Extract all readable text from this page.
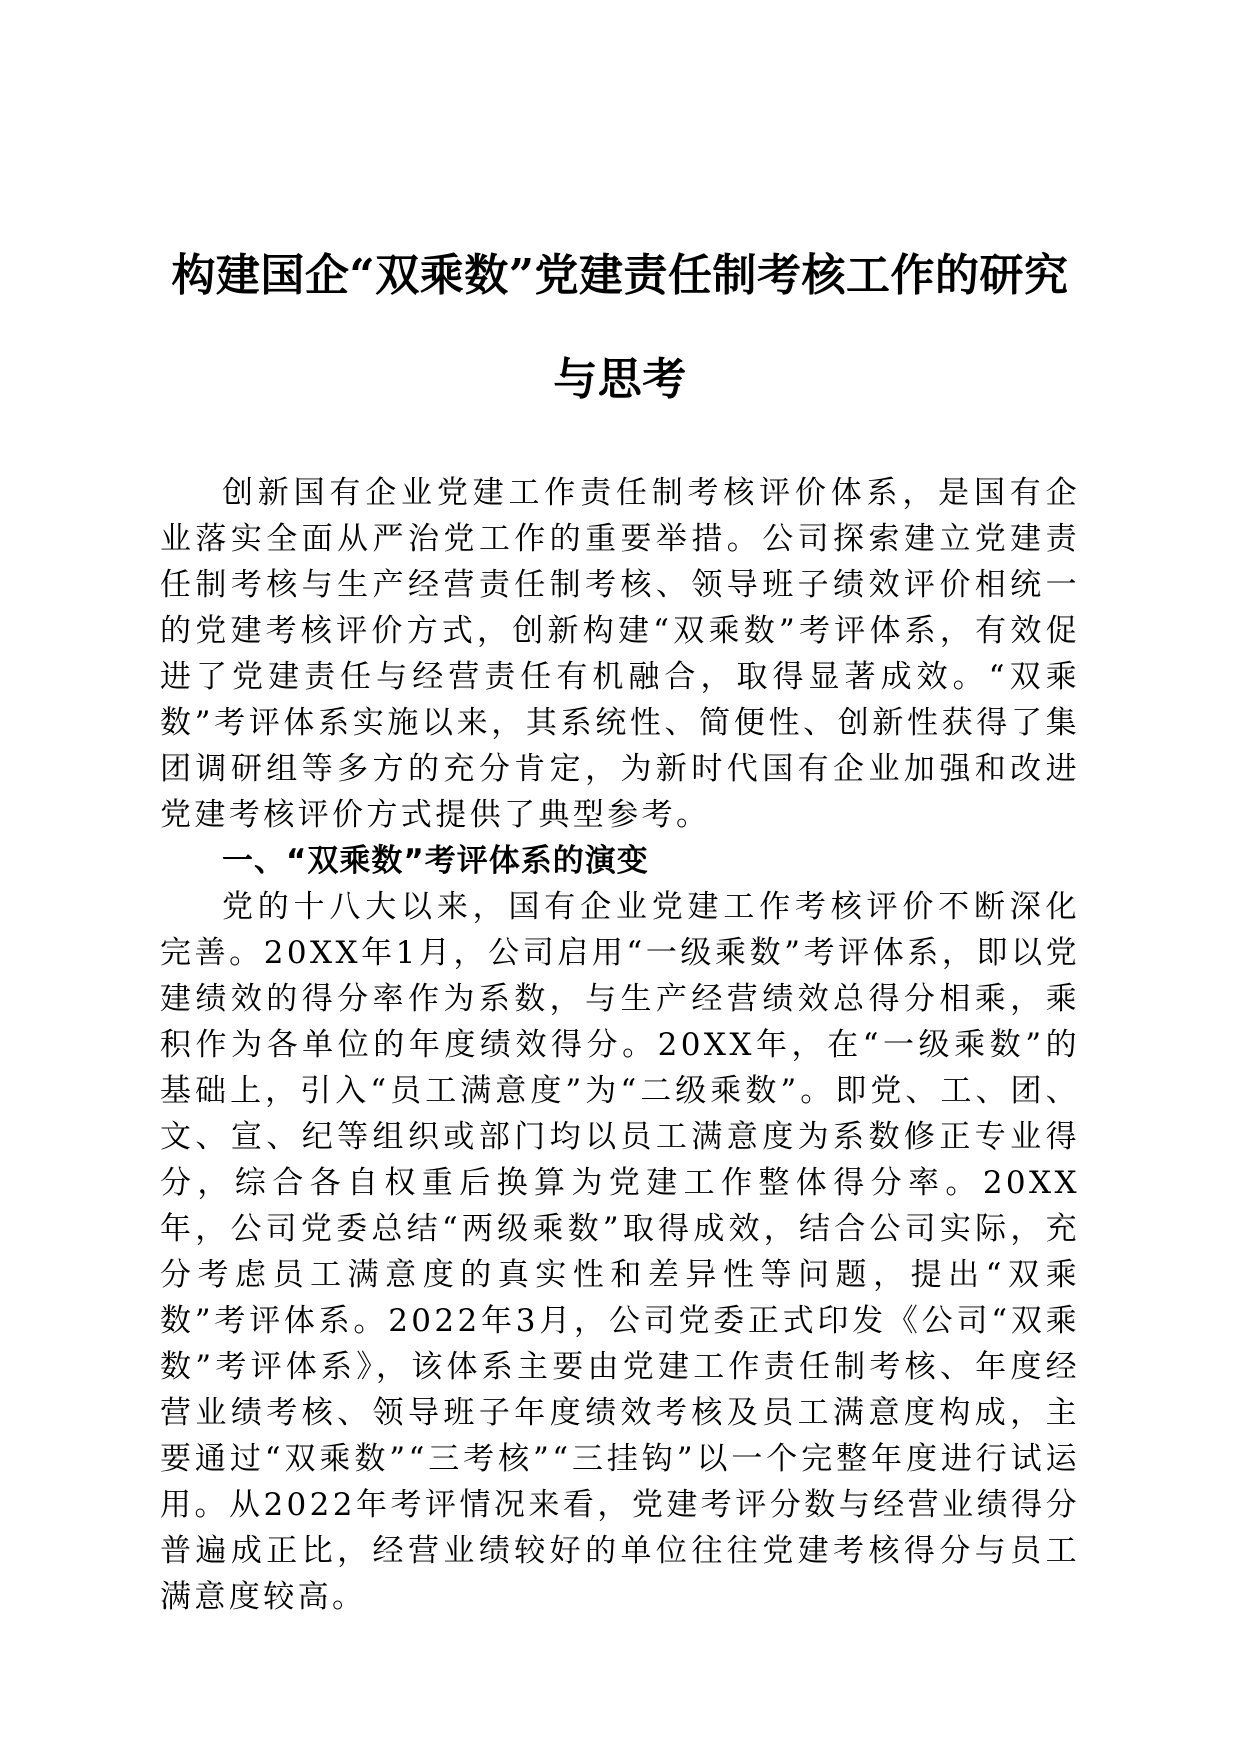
构建国企“双乘数”党建责任制考核工作的研究与思考

创新国有企业党建工作责任制考核评价体系，是国有企业落实全面从严治党工作的重要举措。公司探索建立党建责任制考核与生产经营责任制考核、领导班子绩效评价相统一的党建考核评价方式，创新构建“双乘数”考评体系，有效促进了党建责任与经营责任有机融合，取得显著成效。“双乘数”考评体系实施以来，其系统性、简便性、创新性获得了集团调研组等多方的充分肯定，为新时代国有企业加强和改进党建考核评价方式提供了典型参考。

一、“双乘数”考评体系的演变

党的十八大以来，国有企业党建工作考核评价不断深化完善。20XX年1月，公司启用“一级乘数”考评体系，即以党建绩效的得分率作为系数，与生产经营绩效总得分相乘，乘积作为各单位的年度绩效得分。20XX年，在“一级乘数”的基础上，引入“员工满意度”为“二级乘数”。即党、工、团、文、宣、纪等组织或部门均以员工满意度为系数修正专业得分，综合各自权重后换算为党建工作整体得分率。20XX年，公司党委总结“两级乘数”取得成效，结合公司实际，充分考虑员工满意度的真实性和差异性等问题，提出“双乘数”考评体系。2022年3月，公司党委正式印发《公司“双乘数”考评体系》，该体系主要由党建工作责任制考核、年度经营业绩考核、领导班子年度绩效考核及员工满意度构成，主要通过“双乘数”“三考核”“三挂钩”以一个完整年度进行试运用。从2022年考评情况来看，党建考评分数与经营业绩得分普遍成正比，经营业绩较好的单位往往党建考核得分与员工满意度较高。
